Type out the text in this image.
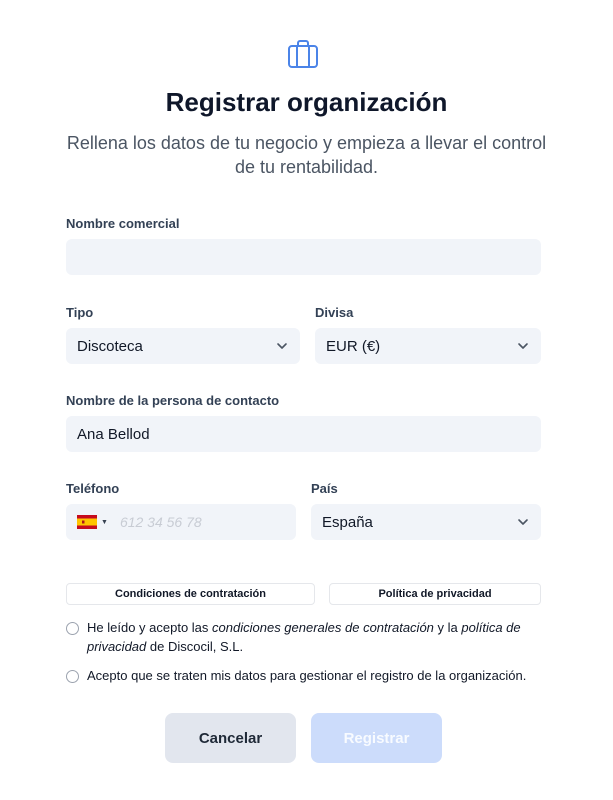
Registrar organización
Rellena los datos de tu negocio y empieza a llevar el control de tu rentabilidad.
Nombre comercial
Tipo
Discoteca
Divisa
EUR (€)
Nombre de la persona de contacto
Ana Bellod
Teléfono
▼ 612 34 56 78
País
España
Condiciones de contratación	Política de privacidad
He leído y acepto las condiciones generales de contratación y la política de privacidad de Discocil, S.L.
Acepto que se traten mis datos para gestionar el registro de la organización.
Cancelar	Registrar
